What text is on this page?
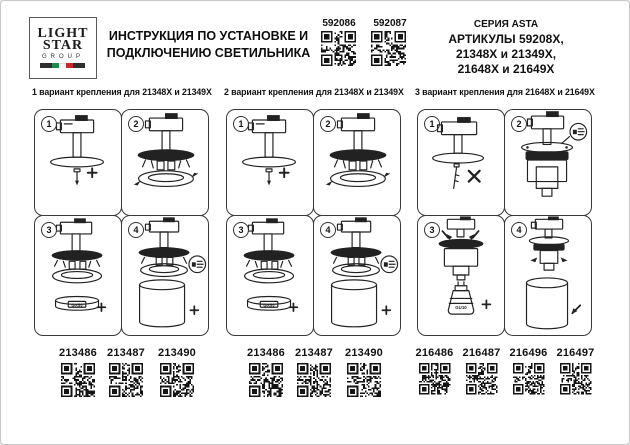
LIGHT
STAR
GROUP
ИНСТРУКЦИЯ ПО УСТАНОВКЕ И
ПОДКЛЮЧЕНИЮ СВЕТИЛЬНИКА
592086	592087	СЕРИЯ ASTA
АРТИКУЛЫ 59208X,
21348X и 21349X,
21648X и 21649X
1 вариант крепления для 21348X и 21349X 2 вариант крепления для 21348X и 21349X 3 вариант крепления для 21648X и 21649X
1	2
3	4
1	2
3	4
1	2
3	4
213486 213487 213490	213486 213487 213490	216486 216487 216496 216497
